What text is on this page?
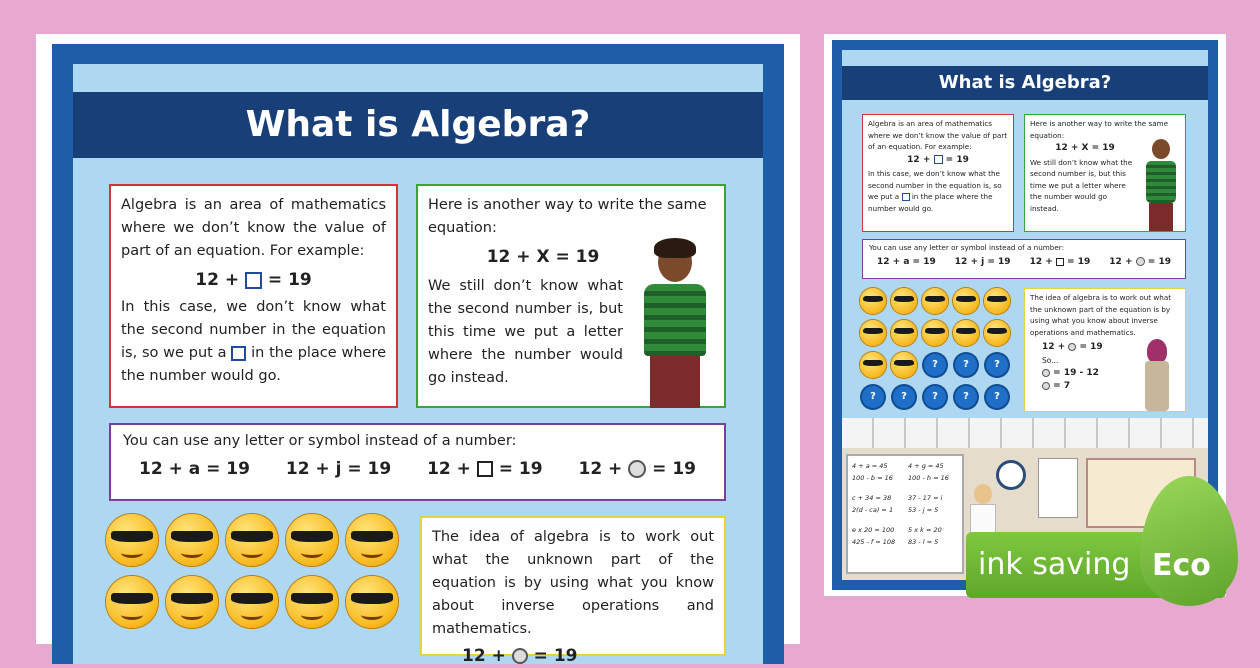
What is Algebra?

Algebra is an area of mathematics where we don’t know the value of part of an equation. For example:

12 + = 19

In this case, we don’t know what the second number in the equation is, so we put a in the place where the number would go.

Here is another way to write the same equation:

12 + X = 19

We still don’t know what the second number is, but this time we put a letter where the number would go instead.

You can use any letter or symbol instead of a number:

12 + a = 19 12 + j = 19 12 + = 19 12 + = 19

The idea of algebra is to work out what the unknown part of the equation is by using what you know about inverse operations and mathematics.

12 + = 19
What is Algebra?

Algebra is an area of mathematics where we don’t know the value of part of an equation. For example:

12 + = 19

In this case, we don’t know what the second number in the equation is, so we put a in the place where the number would go.

Here is another way to write the same equation:

12 + X = 19

We still don’t know what the second number is, but this time we put a letter where the number would go instead.

You can use any letter or symbol instead of a number:

12 + a = 19 12 + j = 19 12 + = 19 12 + = 19
?	?	?
?	?	?	?	?

The idea of algebra is to work out what the unknown part of the equation is by using what you know about inverse operations and mathematics.

12 + = 19
So...
= 19 - 12
= 7
4 + a = 45
100 - b = 16
c + 34 = 38
2(d - ca) = 1
e x 20 = 100
425 - f = 108
4 + g = 45
100 - h = 16
37 - 17 = i
53 - j = 5
5 x k = 20
83 - l = 5
ink saving Eco
